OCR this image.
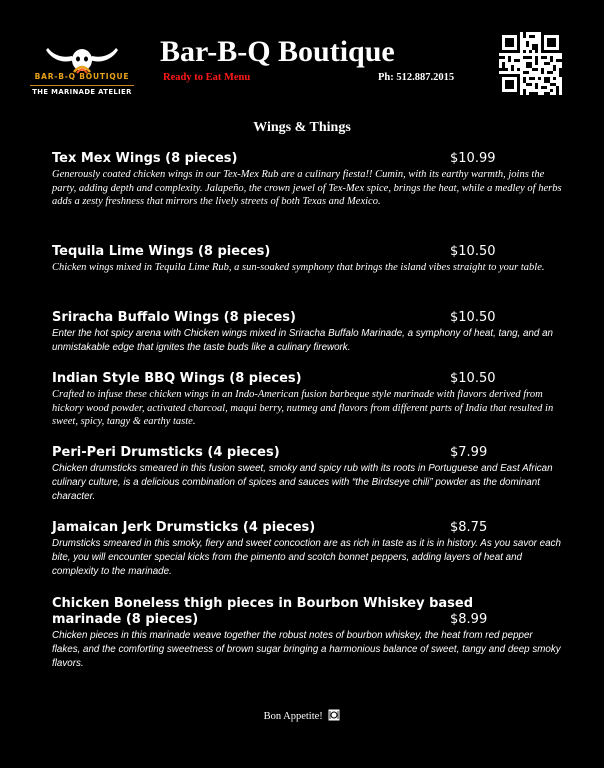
BAR-B-Q BOUTIQUE
THE MARINADE ATELIER
Bar-B-Q Boutique
Ready to Eat Menu	Ph: 512.887.2015
Wings & Things
Tex Mex Wings (8 pieces)	$10.99
Generously coated chicken wings in our Tex-Mex Rub are a culinary fiesta!! Cumin, with its earthy warmth, joins the party, adding depth and complexity. Jalapeño, the crown jewel of Tex-Mex spice, brings the heat, while a medley of herbs adds a zesty freshness that mirrors the lively streets of both Texas and Mexico.
Tequila Lime Wings (8 pieces)	$10.50
Chicken wings mixed in Tequila Lime Rub, a sun-soaked symphony that brings the island vibes straight to your table.
Sriracha Buffalo Wings (8 pieces)	$10.50
Enter the hot spicy arena with Chicken wings mixed in Sriracha Buffalo Marinade, a symphony of heat, tang, and an unmistakable edge that ignites the taste buds like a culinary firework.
Indian Style BBQ Wings (8 pieces)	$10.50
Crafted to infuse these chicken wings in an Indo-American fusion barbeque style marinade with flavors derived from hickory wood powder, activated charcoal, maqui berry, nutmeg and flavors from different parts of India that resulted in sweet, spicy, tangy & earthy taste.
Peri-Peri Drumsticks (4 pieces)	$7.99
Chicken drumsticks smeared in this fusion sweet, smoky and spicy rub with its roots in Portuguese and East African culinary culture, is a delicious combination of spices and sauces with “the Birdseye chili” powder as the dominant character.
Jamaican Jerk Drumsticks (4 pieces)	$8.75
Drumsticks smeared in this smoky, fiery and sweet concoction are as rich in taste as it is in history. As you savor each bite, you will encounter special kicks from the pimento and scotch bonnet peppers, adding layers of heat and complexity to the marinade.
Chicken Boneless thigh pieces in Bourbon Whiskey based marinade (8 pieces)	$8.99
Chicken pieces in this marinade weave together the robust notes of bourbon whiskey, the heat from red pepper flakes, and the comforting sweetness of brown sugar bringing a harmonious balance of sweet, tangy and deep smoky flavors.
Bon Appetite!
